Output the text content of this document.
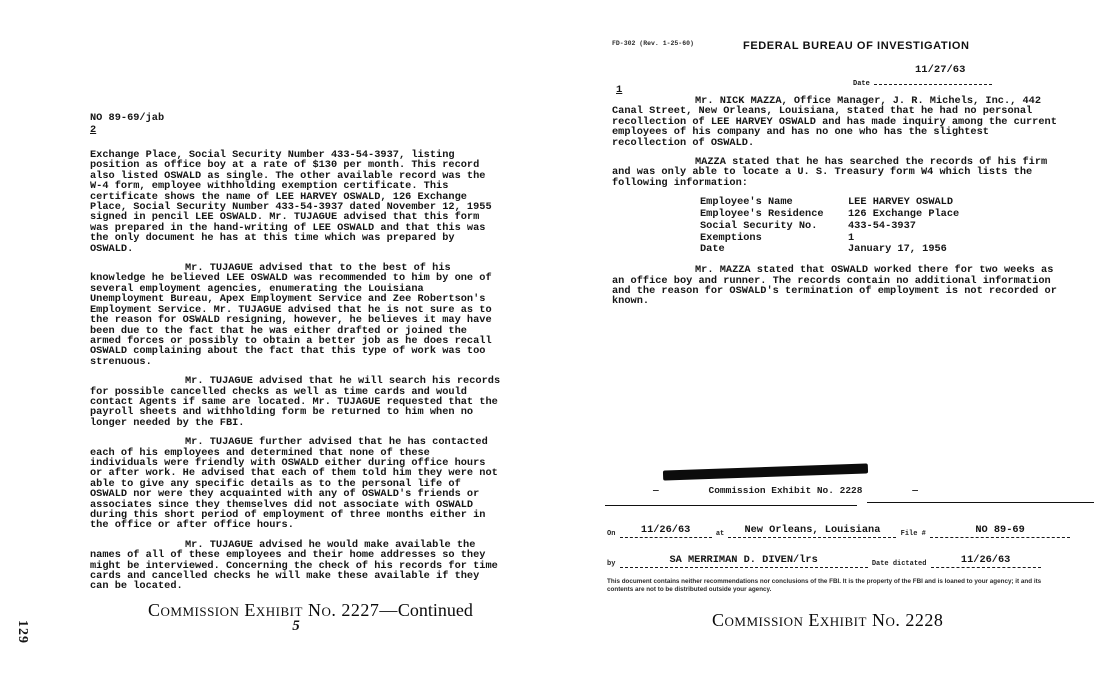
NO 89-69/jab

2

Exchange Place, Social Security Number 433-54-3937, listing position as office boy at a rate of $130 per month. This record also listed OSWALD as single. The other available record was the W-4 form, employee withholding exemption certificate. This certificate shows the name of LEE HARVEY OSWALD, 126 Exchange Place, Social Security Number 433-54-3937 dated November 12, 1955 signed in pencil LEE OSWALD. Mr. TUJAGUE advised that this form was prepared in the hand-writing of LEE OSWALD and that this was the only document he has at this time which was prepared by OSWALD.

Mr. TUJAGUE advised that to the best of his knowledge he believed LEE OSWALD was recommended to him by one of several employment agencies, enumerating the Louisiana Unemployment Bureau, Apex Employment Service and Zee Robertson's Employment Service. Mr. TUJAGUE advised that he is not sure as to the reason for OSWALD resigning, however, he believes it may have been due to the fact that he was either drafted or joined the armed forces or possibly to obtain a better job as he does recall OSWALD complaining about the fact that this type of work was too strenuous.

Mr. TUJAGUE advised that he will search his records for possible cancelled checks as well as time cards and would contact Agents if same are located. Mr. TUJAGUE requested that the payroll sheets and withholding form be returned to him when no longer needed by the FBI.

Mr. TUJAGUE further advised that he has contacted each of his employees and determined that none of these individuals were friendly with OSWALD either during office hours or after work. He advised that each of them told him they were not able to give any specific details as to the personal life of OSWALD nor were they acquainted with any of OSWALD's friends or associates since they themselves did not associate with OSWALD during this short period of employment of three months either in the office or after office hours.

Mr. TUJAGUE advised he would make available the names of all of these employees and their home addresses so they might be interviewed. Concerning the check of his records for time cards and cancelled checks he will make these available if they can be located.

5
Commission Exhibit No. 2227—Continued
FD-302 (Rev. 1-25-60)	FEDERAL BUREAU OF INVESTIGATION
11/27/63
Date
1

Mr. NICK MAZZA, Office Manager, J. R. Michels, Inc., 442 Canal Street, New Orleans, Louisiana, stated that he had no personal recollection of LEE HARVEY OSWALD and has made inquiry among the current employees of his company and has no one who has the slightest recollection of OSWALD.

MAZZA stated that he has searched the records of his firm and was only able to locate a U. S. Treasury form W4 which lists the following information:

Employee's Name	LEE HARVEY OSWALD
Employee's Residence	126 Exchange Place
Social Security No.	433-54-3937
Exemptions	1
Date	January 17, 1956

Mr. MAZZA stated that OSWALD worked there for two weeks as an office boy and runner. The records contain no additional information and the reason for OSWALD's termination of employment is not recorded or known.

—	Commission Exhibit No. 2228	—
On 11/26/63	at New Orleans, Louisiana	File #	NO 89-69
by	SA MERRIMAN D. DIVEN/lrs	Date dictated	11/26/63
This document contains neither recommendations nor conclusions of the FBI. It is the property of the FBI and is loaned to your agency; it and its contents are not to be distributed outside your agency.
Commission Exhibit No. 2228
129
